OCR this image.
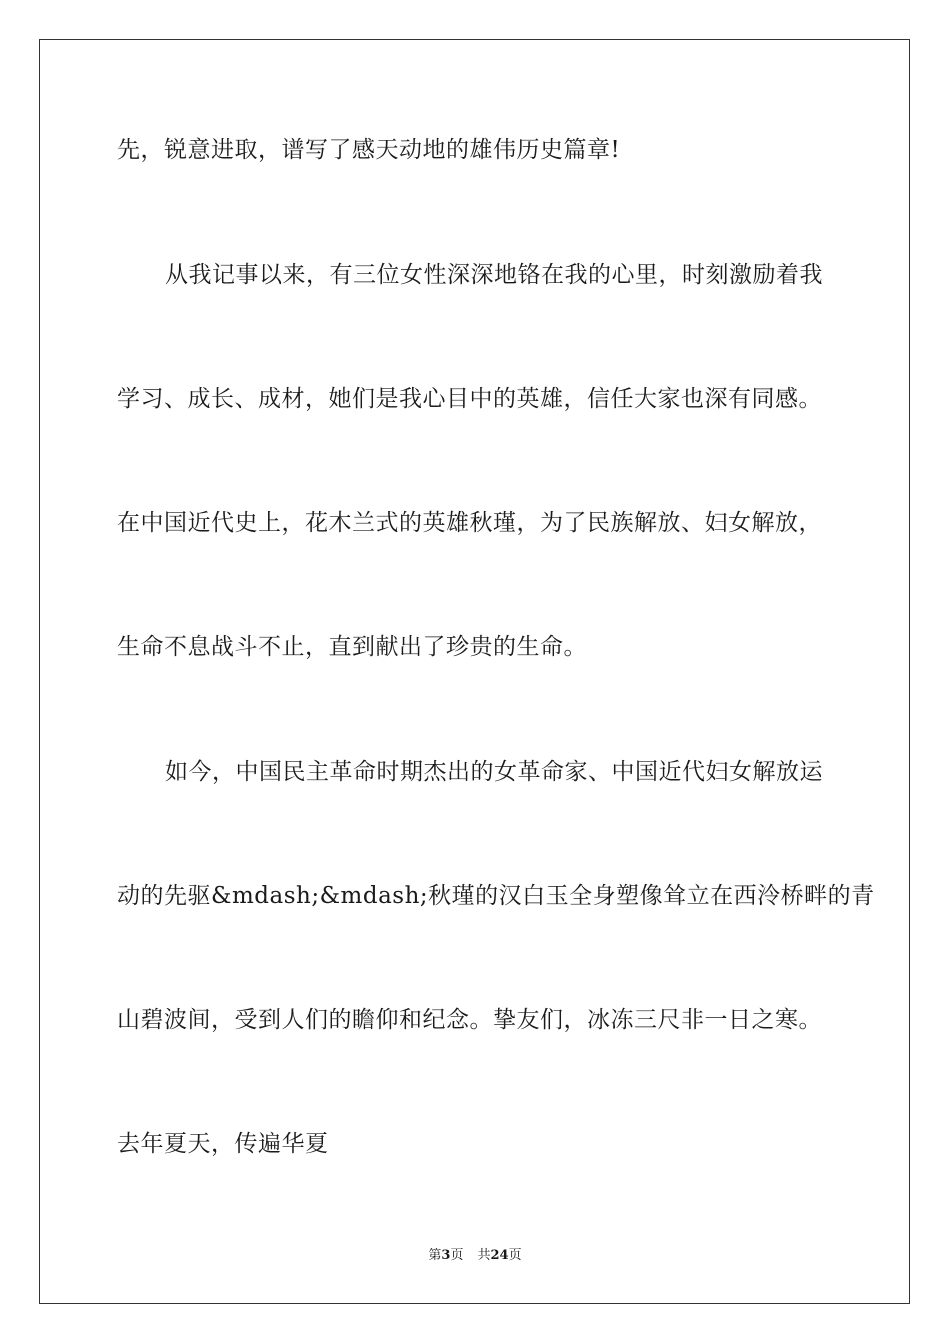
先，锐意进取，谱写了感天动地的雄伟历史篇章!
从我记事以来，有三位女性深深地铬在我的心里，时刻激励着我
学习、成长、成材，她们是我心目中的英雄，信任大家也深有同感。
在中国近代史上，花木兰式的英雄秋瑾，为了民族解放、妇女解放，
生命不息战斗不止，直到献出了珍贵的生命。
如今，中国民主革命时期杰出的女革命家、中国近代妇女解放运
动的先驱&mdash;&mdash;秋瑾的汉白玉全身塑像耸立在西泠桥畔的青
山碧波间，受到人们的瞻仰和纪念。挚友们，冰冻三尺非一日之寒。
去年夏天，传遍华夏
第3页 共24页
